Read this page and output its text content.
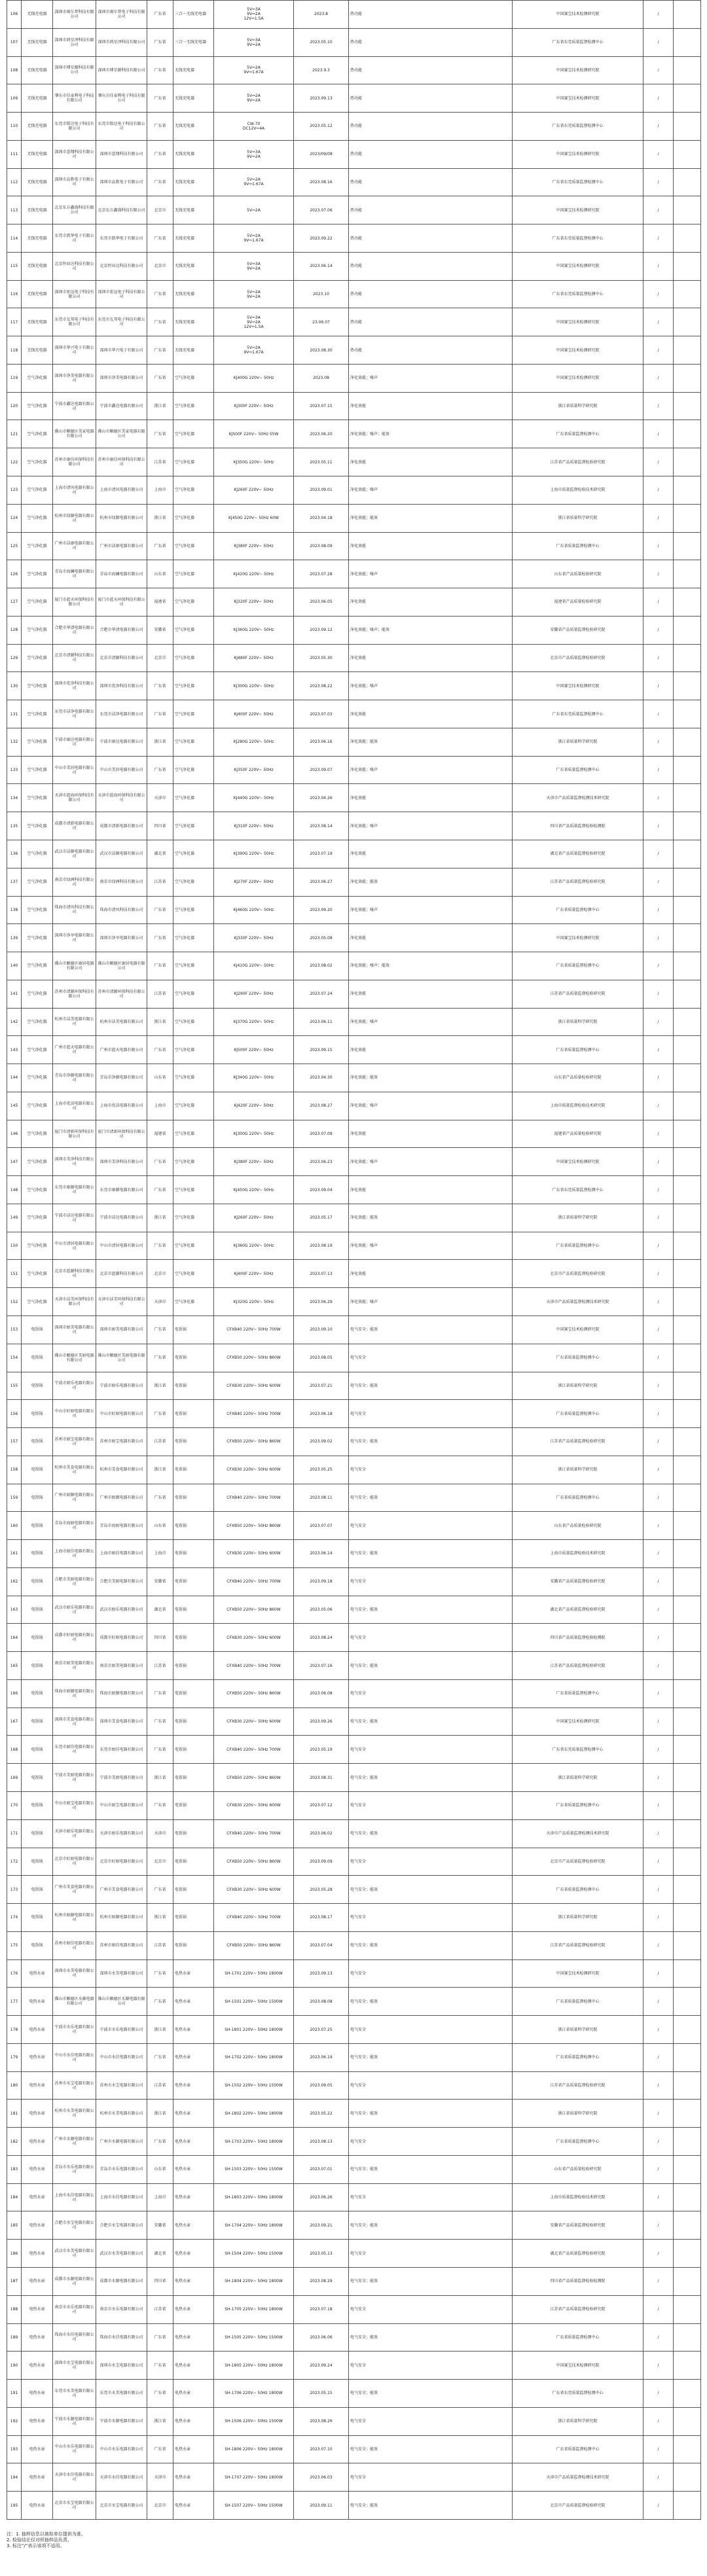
106	无线充电器	深圳市奥尔普科技有限公司	深圳市奥尔普电子科技有限公司	广东省	三合一无线充电器	5V⎓3A
9V⎓2A
12V⎓1.5A	2023.8	热功能	中国赛宝技术检测研究院	/	
107	无线充电器	深圳市鸿星泽科技有限公司	深圳市鸿星泽科技有限公司	广东省	三合一无线充电器	5V⎓3A
9V⎓2A	2023.05.10	热功能	广东省东莞质量监督检测中心	/	
108	无线充电器	深圳市博星源科技有限公司	深圳市博星源科技有限公司	广东省	无线充电器	5V⎓2A
9V⎓1.67A	2023.9.3	热功能	中国赛宝技术检测研究院	/	
109	无线充电器	肇庆市佳泰利电子科技有限公司	肇庆市佳泰利电子科技有限公司	广东省	无线充电器	5V⎓2A
9V⎓2A	2023.09.13	热功能	中国赛宝技术检测研究院	/	
110	无线充电器	东莞市铭达电子科技有限公司	东莞市铭达电子科技有限公司	广东省	无线充电器	CW-70
DC12V⎓4A	2023.05.12	热功能	广东省东莞质量监督检测中心	/	
111	无线充电器	深圳市意翔科技有限公司	深圳市意翔科技有限公司	广东省	无线充电器	5V⎓3A
9V⎓2A	2023/09/08	热功能	中国赛宝技术检测研究院	/	
112	无线充电器	深圳市品胜电子有限公司	深圳市品胜电子有限公司	广东省	无线充电器	5V⎓2A
9V⎓1.67A	2023.08.16	热功能	广东省东莞质量监督检测中心	/	
113	无线充电器	北京东方鑫盛科技有限公司	北京东方鑫盛科技有限公司	北京市	无线充电器	5V⎓2A	2023.07.06	热功能	中国赛宝技术检测研究院	/	
114	无线充电器	东莞市凯华电子有限公司	东莞市凯华电子有限公司	广东省	无线充电器	5V⎓2A
9V⎓1.67A	2023.09.22	热功能	广东省东莞质量监督检测中心	/	
115	无线充电器	北京恒业达科技有限公司	北京恒业达科技有限公司	北京市	无线充电器	5V⎓3A
9V⎓2A	2023.06.14	热功能	中国赛宝技术检测研究院	/	
116	无线充电器	深圳市宏远电子科技有限公司	深圳市宏远电子科技有限公司	广东省	无线充电器	5V⎓2A
9V⎓2A	2023.10	热功能	广东省东莞质量监督检测中心	/	
117	无线充电器	东莞市友邦电子科技有限公司	东莞市友邦电子科技有限公司	广东省	无线充电器	5V⎓3A
9V⎓2A
12V⎓1.5A	23.06.07	热功能	中国赛宝技术检测研究院	/	
118	无线充电器	深圳市华兴电子有限公司	深圳市华兴电子有限公司	广东省	无线充电器	5V⎓2A
9V⎓1.67A	2023.08.30	热功能	中国赛宝技术检测研究院	/	
119	空气净化器	深圳市净美电器有限公司	深圳市净美电器有限公司	广东省	空气净化器	KJ400G 220V~ 50Hz	2023.08	净化效能；噪声	中国赛宝技术检测研究院	/	
120	空气净化器	宁波市鑫达电器有限公司	宁波市鑫达电器有限公司	浙江省	空气净化器	KJ300F 220V~ 50Hz	2023.07.15	净化效能	浙江省质量科学研究院	/	
121	空气净化器	佛山市顺德区美家电器有限公司	佛山市顺德区美家电器有限公司	广东省	空气净化器	KJ500F 220V~ 50Hz 55W	2023.06.20	净化效能；噪声；能效	广东省质量监督检测中心	/	
122	空气净化器	苏州市康佳环保科技有限公司	苏州市康佳环保科技有限公司	江苏省	空气净化器	KJ350G 220V~ 50Hz	2023.05.11	净化效能	江苏省产品质量监督检验研究院	/	
123	空气净化器	上海市清风电器有限公司	上海市清风电器有限公司	上海市	空气净化器	KJ260F 220V~ 50Hz	2023.09.01	净化效能；噪声	上海市质量监督检验技术研究院	/	
124	空气净化器	杭州市绿源电器有限公司	杭州市绿源电器有限公司	浙江省	空气净化器	KJ450G 220V~ 50Hz 60W	2023.04.18	净化效能；能效	浙江省质量科学研究院	/	
125	空气净化器	广州市洁康电器有限公司	广州市洁康电器有限公司	广东省	空气净化器	KJ380F 220V~ 50Hz	2023.08.09	净化效能	广东省质量监督检测中心	/	
126	空气净化器	青岛市海澜电器有限公司	青岛市海澜电器有限公司	山东省	空气净化器	KJ420G 220V~ 50Hz	2023.07.28	净化效能；噪声	山东省产品质量检验研究院	/	
127	空气净化器	厦门市蓝天环保科技有限公司	厦门市蓝天环保科技有限公司	福建省	空气净化器	KJ320F 220V~ 50Hz	2023.06.05	净化效能	福建省产品质量检验研究院	/	
128	空气净化器	合肥市华清电器有限公司	合肥市华清电器有限公司	安徽省	空气净化器	KJ360G 220V~ 50Hz	2023.09.12	净化效能；噪声；能效	安徽省产品质量监督检验研究院	/	
129	空气净化器	北京市清源科技有限公司	北京市清源科技有限公司	北京市	空气净化器	KJ480F 220V~ 50Hz	2023.05.30	净化效能	北京市产品质量监督检验研究院	/	
130	空气净化器	深圳市优净科技有限公司	深圳市优净科技有限公司	广东省	空气净化器	KJ300G 220V~ 50Hz	2023.08.22	净化效能；噪声	中国赛宝技术检测研究院	/	
131	空气净化器	东莞市洁净电器有限公司	东莞市洁净电器有限公司	广东省	空气净化器	KJ400F 220V~ 50Hz	2023.07.03	净化效能	广东省东莞质量监督检测中心	/	
132	空气净化器	宁波市康达电器有限公司	宁波市康达电器有限公司	浙江省	空气净化器	KJ280G 220V~ 50Hz	2023.06.16	净化效能；能效	浙江省质量科学研究院	/	
133	空气净化器	中山市美居电器有限公司	中山市美居电器有限公司	广东省	空气净化器	KJ350F 220V~ 50Hz	2023.09.07	净化效能；噪声	广东省质量监督检测中心	/	
134	空气净化器	天津市蓝海环保科技有限公司	天津市蓝海环保科技有限公司	天津市	空气净化器	KJ440G 220V~ 50Hz	2023.04.26	净化效能	天津市产品质量监督检测技术研究院	/	
135	空气净化器	成都市清新电器有限公司	成都市清新电器有限公司	四川省	空气净化器	KJ310F 220V~ 50Hz	2023.08.14	净化效能；噪声	四川省产品质量监督检验检测院	/	
136	空气净化器	武汉市洁源电器有限公司	武汉市洁源电器有限公司	湖北省	空气净化器	KJ390G 220V~ 50Hz	2023.07.19	净化效能	湖北省产品质量监督检验研究院	/	
137	空气净化器	南京市绿洲科技有限公司	南京市绿洲科技有限公司	江苏省	空气净化器	KJ270F 220V~ 50Hz	2023.06.27	净化效能；能效	江苏省产品质量监督检验研究院	/	
138	空气净化器	珠海市清风科技有限公司	珠海市清风科技有限公司	广东省	空气净化器	KJ460G 220V~ 50Hz	2023.09.20	净化效能；噪声	广东省质量监督检测中心	/	
139	空气净化器	深圳市净享电器有限公司	深圳市净享电器有限公司	广东省	空气净化器	KJ330F 220V~ 50Hz	2023.05.08	净化效能	中国赛宝技术检测研究院	/	
140	空气净化器	佛山市顺德区康居电器有限公司	佛山市顺德区康居电器有限公司	广东省	空气净化器	KJ410G 220V~ 50Hz	2023.08.02	净化效能；噪声；能效	广东省质量监督检测中心	/	
141	空气净化器	苏州市清源环保科技有限公司	苏州市清源环保科技有限公司	江苏省	空气净化器	KJ290F 220V~ 50Hz	2023.07.24	净化效能	江苏省产品质量监督检验研究院	/	
142	空气净化器	杭州市洁美电器有限公司	杭州市洁美电器有限公司	浙江省	空气净化器	KJ370G 220V~ 50Hz	2023.06.11	净化效能；噪声	浙江省质量科学研究院	/	
143	空气净化器	广州市蓝天电器有限公司	广州市蓝天电器有限公司	广东省	空气净化器	KJ500F 220V~ 50Hz	2023.09.15	净化效能	广东省质量监督检测中心	/	
144	空气净化器	青岛市净源电器有限公司	青岛市净源电器有限公司	山东省	空气净化器	KJ340G 220V~ 50Hz	2023.04.30	净化效能；能效	山东省产品质量检验研究院	/	
145	空气净化器	上海市优洁电器有限公司	上海市优洁电器有限公司	上海市	空气净化器	KJ420F 220V~ 50Hz	2023.08.27	净化效能；噪声	上海市质量监督检验技术研究院	/	
146	空气净化器	厦门市清新环保科技有限公司	厦门市清新环保科技有限公司	福建省	空气净化器	KJ300G 220V~ 50Hz	2023.07.09	净化效能	福建省产品质量检验研究院	/	
147	空气净化器	深圳市美净科技有限公司	深圳市美净科技有限公司	广东省	空气净化器	KJ380F 220V~ 50Hz	2023.06.23	净化效能；噪声	中国赛宝技术检测研究院	/	
148	空气净化器	东莞市康源电器有限公司	东莞市康源电器有限公司	广东省	空气净化器	KJ450G 220V~ 50Hz	2023.09.04	净化效能	广东省东莞质量监督检测中心	/	
149	空气净化器	宁波市洁达电器有限公司	宁波市洁达电器有限公司	浙江省	空气净化器	KJ260F 220V~ 50Hz	2023.05.17	净化效能；能效	浙江省质量科学研究院	/	
150	空气净化器	中山市清居电器有限公司	中山市清居电器有限公司	广东省	空气净化器	KJ360G 220V~ 50Hz	2023.08.19	净化效能；噪声	广东省质量监督检测中心	/	
151	空气净化器	北京市蓝源科技有限公司	北京市蓝源科技有限公司	北京市	空气净化器	KJ400F 220V~ 50Hz	2023.07.13	净化效能	北京市产品质量监督检验研究院	/	
152	空气净化器	天津市洁美环保科技有限公司	天津市洁美环保科技有限公司	天津市	空气净化器	KJ320G 220V~ 50Hz	2023.06.29	净化效能；噪声	天津市产品质量监督检测技术研究院	/	
153	电饭锅	深圳市厨美电器有限公司	深圳市厨美电器有限公司	广东省	电饭锅	CFXB40 220V~ 50Hz 700W	2023.09.10	电气安全；能效	中国赛宝技术检测研究院	/	
154	电饭锅	佛山市顺德区美厨电器有限公司	佛山市顺德区美厨电器有限公司	广东省	电饭锅	CFXB50 220V~ 50Hz 860W	2023.08.05	电气安全	广东省质量监督检测中心	/	
155	电饭锅	宁波市厨乐电器有限公司	宁波市厨乐电器有限公司	浙江省	电饭锅	CFXB30 220V~ 50Hz 600W	2023.07.21	电气安全；能效	浙江省质量科学研究院	/	
156	电饭锅	中山市好厨电器有限公司	中山市好厨电器有限公司	广东省	电饭锅	CFXB40 220V~ 50Hz 700W	2023.06.18	电气安全	广东省质量监督检测中心	/	
157	电饭锅	苏州市厨宝电器有限公司	苏州市厨宝电器有限公司	江苏省	电饭锅	CFXB50 220V~ 50Hz 860W	2023.09.02	电气安全；能效	江苏省产品质量监督检验研究院	/	
158	电饭锅	杭州市美食电器有限公司	杭州市美食电器有限公司	浙江省	电饭锅	CFXB30 220V~ 50Hz 600W	2023.05.25	电气安全	浙江省质量科学研究院	/	
159	电饭锅	广州市厨源电器有限公司	广州市厨源电器有限公司	广东省	电饭锅	CFXB40 220V~ 50Hz 700W	2023.08.11	电气安全；能效	广东省质量监督检测中心	/	
160	电饭锅	青岛市海厨电器有限公司	青岛市海厨电器有限公司	山东省	电饭锅	CFXB50 220V~ 50Hz 860W	2023.07.07	电气安全	山东省产品质量检验研究院	/	
161	电饭锅	上海市厨佳电器有限公司	上海市厨佳电器有限公司	上海市	电饭锅	CFXB30 220V~ 50Hz 600W	2023.06.14	电气安全；能效	上海市质量监督检验技术研究院	/	
162	电饭锅	合肥市美厨电器有限公司	合肥市美厨电器有限公司	安徽省	电饭锅	CFXB40 220V~ 50Hz 700W	2023.09.18	电气安全	安徽省产品质量监督检验研究院	/	
163	电饭锅	武汉市厨乐电器有限公司	武汉市厨乐电器有限公司	湖北省	电饭锅	CFXB50 220V~ 50Hz 860W	2023.05.06	电气安全；能效	湖北省产品质量监督检验研究院	/	
164	电饭锅	成都市好厨电器有限公司	成都市好厨电器有限公司	四川省	电饭锅	CFXB30 220V~ 50Hz 600W	2023.08.24	电气安全	四川省产品质量监督检验检测院	/	
165	电饭锅	南京市厨美电器有限公司	南京市厨美电器有限公司	江苏省	电饭锅	CFXB40 220V~ 50Hz 700W	2023.07.16	电气安全；能效	江苏省产品质量监督检验研究院	/	
166	电饭锅	珠海市厨源电器有限公司	珠海市厨源电器有限公司	广东省	电饭锅	CFXB50 220V~ 50Hz 860W	2023.06.08	电气安全	广东省质量监督检测中心	/	
167	电饭锅	深圳市美食电器有限公司	深圳市美食电器有限公司	广东省	电饭锅	CFXB30 220V~ 50Hz 600W	2023.09.26	电气安全；能效	中国赛宝技术检测研究院	/	
168	电饭锅	东莞市厨佳电器有限公司	东莞市厨佳电器有限公司	广东省	电饭锅	CFXB40 220V~ 50Hz 700W	2023.05.19	电气安全	广东省东莞质量监督检测中心	/	
169	电饭锅	宁波市美厨电器有限公司	宁波市美厨电器有限公司	浙江省	电饭锅	CFXB50 220V~ 50Hz 860W	2023.08.31	电气安全；能效	浙江省质量科学研究院	/	
170	电饭锅	中山市厨宝电器有限公司	中山市厨宝电器有限公司	广东省	电饭锅	CFXB30 220V~ 50Hz 600W	2023.07.12	电气安全	广东省质量监督检测中心	/	
171	电饭锅	天津市厨乐电器有限公司	天津市厨乐电器有限公司	天津市	电饭锅	CFXB40 220V~ 50Hz 700W	2023.06.02	电气安全；能效	天津市产品质量监督检测技术研究院	/	
172	电饭锅	北京市好厨电器有限公司	北京市好厨电器有限公司	北京市	电饭锅	CFXB50 220V~ 50Hz 860W	2023.09.09	电气安全	北京市产品质量监督检验研究院	/	
173	电饭锅	广州市美食电器有限公司	广州市美食电器有限公司	广东省	电饭锅	CFXB30 220V~ 50Hz 600W	2023.05.28	电气安全；能效	广东省质量监督检测中心	/	
174	电饭锅	杭州市厨源电器有限公司	杭州市厨源电器有限公司	浙江省	电饭锅	CFXB40 220V~ 50Hz 700W	2023.08.17	电气安全	浙江省质量科学研究院	/	
175	电饭锅	苏州市厨佳电器有限公司	苏州市厨佳电器有限公司	江苏省	电饭锅	CFXB50 220V~ 50Hz 860W	2023.07.04	电气安全；能效	江苏省产品质量监督检验研究院	/	
176	电热水壶	深圳市水美电器有限公司	深圳市水美电器有限公司	广东省	电热水壶	SH-1701 220V~ 50Hz 1800W	2023.09.13	电气安全	中国赛宝技术检测研究院	/	
177	电热水壶	佛山市顺德区水源电器有限公司	佛山市顺德区水源电器有限公司	广东省	电热水壶	SH-1501 220V~ 50Hz 1500W	2023.08.08	电气安全；能效	广东省质量监督检测中心	/	
178	电热水壶	宁波市水乐电器有限公司	宁波市水乐电器有限公司	浙江省	电热水壶	SH-1801 220V~ 50Hz 1800W	2023.07.25	电气安全	浙江省质量科学研究院	/	
179	电热水壶	中山市水佳电器有限公司	中山市水佳电器有限公司	广东省	电热水壶	SH-1702 220V~ 50Hz 1800W	2023.06.19	电气安全；能效	广东省质量监督检测中心	/	
180	电热水壶	苏州市水宝电器有限公司	苏州市水宝电器有限公司	江苏省	电热水壶	SH-1502 220V~ 50Hz 1500W	2023.09.05	电气安全	江苏省产品质量监督检验研究院	/	
181	电热水壶	杭州市水美电器有限公司	杭州市水美电器有限公司	浙江省	电热水壶	SH-1802 220V~ 50Hz 1800W	2023.05.22	电气安全；能效	浙江省质量科学研究院	/	
182	电热水壶	广州市水源电器有限公司	广州市水源电器有限公司	广东省	电热水壶	SH-1703 220V~ 50Hz 1800W	2023.08.13	电气安全	广东省质量监督检测中心	/	
183	电热水壶	青岛市水乐电器有限公司	青岛市水乐电器有限公司	山东省	电热水壶	SH-1503 220V~ 50Hz 1500W	2023.07.01	电气安全；能效	山东省产品质量检验研究院	/	
184	电热水壶	上海市水佳电器有限公司	上海市水佳电器有限公司	上海市	电热水壶	SH-1803 220V~ 50Hz 1800W	2023.06.26	电气安全	上海市质量监督检验技术研究院	/	
185	电热水壶	合肥市水宝电器有限公司	合肥市水宝电器有限公司	安徽省	电热水壶	SH-1704 220V~ 50Hz 1800W	2023.09.21	电气安全；能效	安徽省产品质量监督检验研究院	/	
186	电热水壶	武汉市水美电器有限公司	武汉市水美电器有限公司	湖北省	电热水壶	SH-1504 220V~ 50Hz 1500W	2023.05.13	电气安全	湖北省产品质量监督检验研究院	/	
187	电热水壶	成都市水源电器有限公司	成都市水源电器有限公司	四川省	电热水壶	SH-1804 220V~ 50Hz 1800W	2023.08.29	电气安全；能效	四川省产品质量监督检验检测院	/	
188	电热水壶	南京市水乐电器有限公司	南京市水乐电器有限公司	江苏省	电热水壶	SH-1705 220V~ 50Hz 1800W	2023.07.18	电气安全	江苏省产品质量监督检验研究院	/	
189	电热水壶	珠海市水佳电器有限公司	珠海市水佳电器有限公司	广东省	电热水壶	SH-1505 220V~ 50Hz 1500W	2023.06.06	电气安全；能效	广东省质量监督检测中心	/	
190	电热水壶	深圳市水宝电器有限公司	深圳市水宝电器有限公司	广东省	电热水壶	SH-1805 220V~ 50Hz 1800W	2023.09.24	电气安全	中国赛宝技术检测研究院	/	
191	电热水壶	东莞市水美电器有限公司	东莞市水美电器有限公司	广东省	电热水壶	SH-1706 220V~ 50Hz 1800W	2023.05.15	电气安全；能效	广东省东莞质量监督检测中心	/	
192	电热水壶	宁波市水源电器有限公司	宁波市水源电器有限公司	浙江省	电热水壶	SH-1506 220V~ 50Hz 1500W	2023.08.26	电气安全	浙江省质量科学研究院	/	
193	电热水壶	中山市水乐电器有限公司	中山市水乐电器有限公司	广东省	电热水壶	SH-1806 220V~ 50Hz 1800W	2023.07.10	电气安全；能效	广东省质量监督检测中心	/	
194	电热水壶	天津市水佳电器有限公司	天津市水佳电器有限公司	天津市	电热水壶	SH-1707 220V~ 50Hz 1800W	2023.06.03	电气安全	天津市产品质量监督检测技术研究院	/	
195	电热水壶	北京市水宝电器有限公司	北京市水宝电器有限公司	北京市	电热水壶	SH-1507 220V~ 50Hz 1500W	2023.09.11	电气安全；能效	北京市产品质量监督检验研究院	/	
注：1. 抽样信息以被检单位提供为准。
2. 检验结论仅对所抽样品负责。
3. 标注“/”表示该项不适用。
